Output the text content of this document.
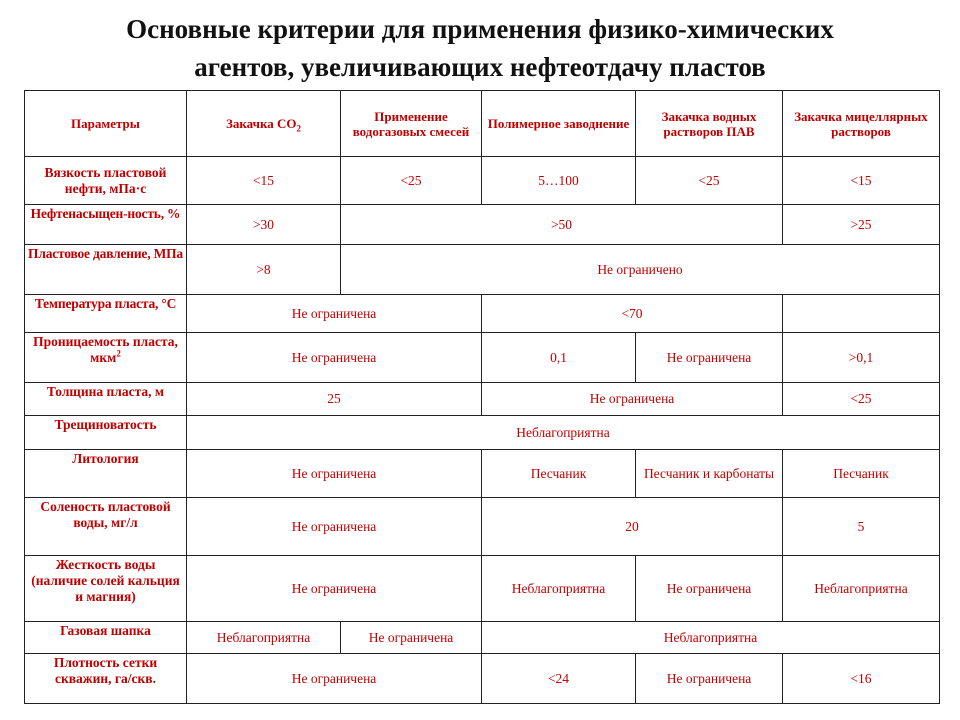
Основные критерии для применения физико-химических
агентов, увеличивающих нефтеотдачу пластов
Параметры	Закачка $СО_2$	Применение водогазовых смесей	Полимерное заводнение	Закачка водных растворов ПАВ	Закачка мицеллярных растворов
Вязкость пластовой нефти, мПа·с	<15	<25	5…100	<25	<15
Нефтенасыщен-ность, %	>30	>50			>25
Пластовое давление, МПа	>8	Не ограничено			
Температура пласта, °С	Не ограничена		<70		
Проницаемость пласта, мкм$^2$	Не ограничена		0,1	Не ограничена	>0,1
Толщина пласта, м	25		Не ограничена		<25
Трещиноватость	Неблагоприятна				
Литология	Не ограничена		Песчаник	Песчаник и карбонаты	Песчаник
Соленость пластовой воды, мг/л	Не ограничена		20		5
Жесткость воды (наличие солей кальция и магния)	Не ограничена		Неблагоприятна	Не ограничена	Неблагоприятна
Газовая шапка	Неблагоприятна	Не ограничена	Неблагоприятна		
Плотность сетки скважин, га/скв.	Не ограничена		<24	Не ограничена	<16
